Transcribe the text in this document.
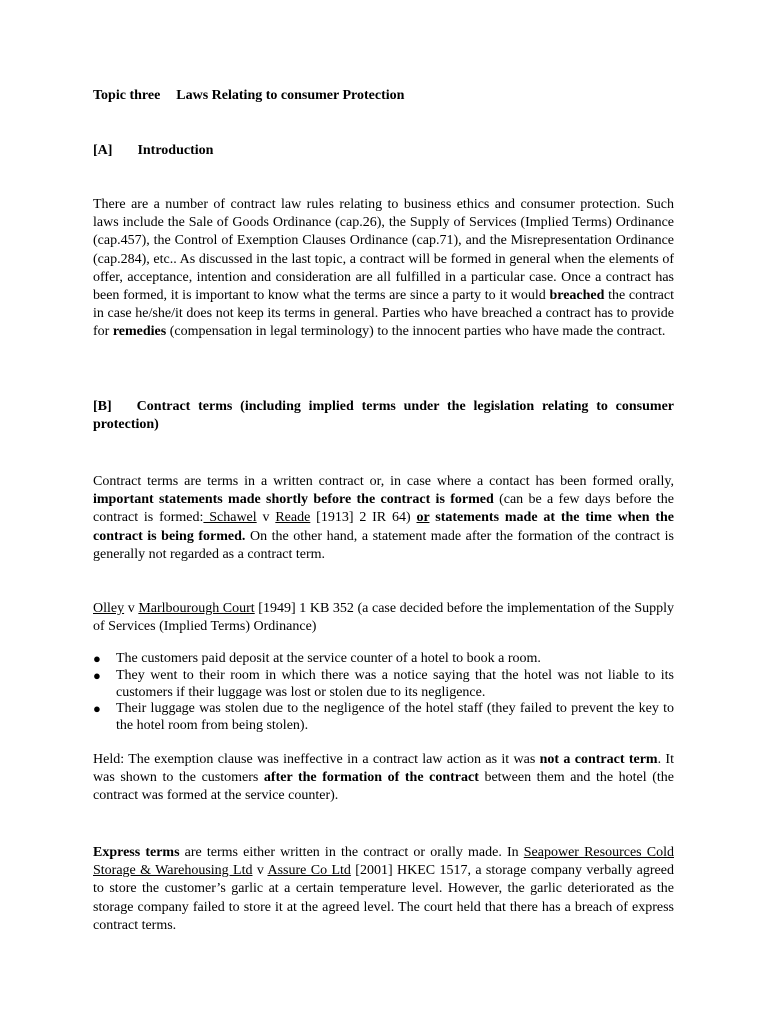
Topic three Laws Relating to consumer Protection
[A] Introduction
There are a number of contract law rules relating to business ethics and consumer protection. Such laws include the Sale of Goods Ordinance (cap.26), the Supply of Services (Implied Terms) Ordinance (cap.457), the Control of Exemption Clauses Ordinance (cap.71), and the Misrepresentation Ordinance (cap.284), etc.. As discussed in the last topic, a contract will be formed in general when the elements of offer, acceptance, intention and consideration are all fulfilled in a particular case. Once a contract has been formed, it is important to know what the terms are since a party to it would breached the contract in case he/she/it does not keep its terms in general. Parties who have breached a contract has to provide for remedies (compensation in legal terminology) to the innocent parties who have made the contract.
[B] Contract terms (including implied terms under the legislation relating to consumer protection)
Contract terms are terms in a written contract or, in case where a contact has been formed orally, important statements made shortly before the contract is formed (can be a few days before the contract is formed: Schawel v Reade [1913] 2 IR 64) or statements made at the time when the contract is being formed. On the other hand, a statement made after the formation of the contract is generally not regarded as a contract term.
Olley v Marlbourough Court [1949] 1 KB 352 (a case decided before the implementation of the Supply of Services (Implied Terms) Ordinance)
● The customers paid deposit at the service counter of a hotel to book a room.
● They went to their room in which there was a notice saying that the hotel was not liable to its customers if their luggage was lost or stolen due to its negligence.
● Their luggage was stolen due to the negligence of the hotel staff (they failed to prevent the key to the hotel room from being stolen).
Held: The exemption clause was ineffective in a contract law action as it was not a contract term. It was shown to the customers after the formation of the contract between them and the hotel (the contract was formed at the service counter).
Express terms are terms either written in the contract or orally made. In Seapower Resources Cold Storage & Warehousing Ltd v Assure Co Ltd [2001] HKEC 1517, a storage company verbally agreed to store the customer’s garlic at a certain temperature level. However, the garlic deteriorated as the storage company failed to store it at the agreed level. The court held that there has a breach of express contract terms.
